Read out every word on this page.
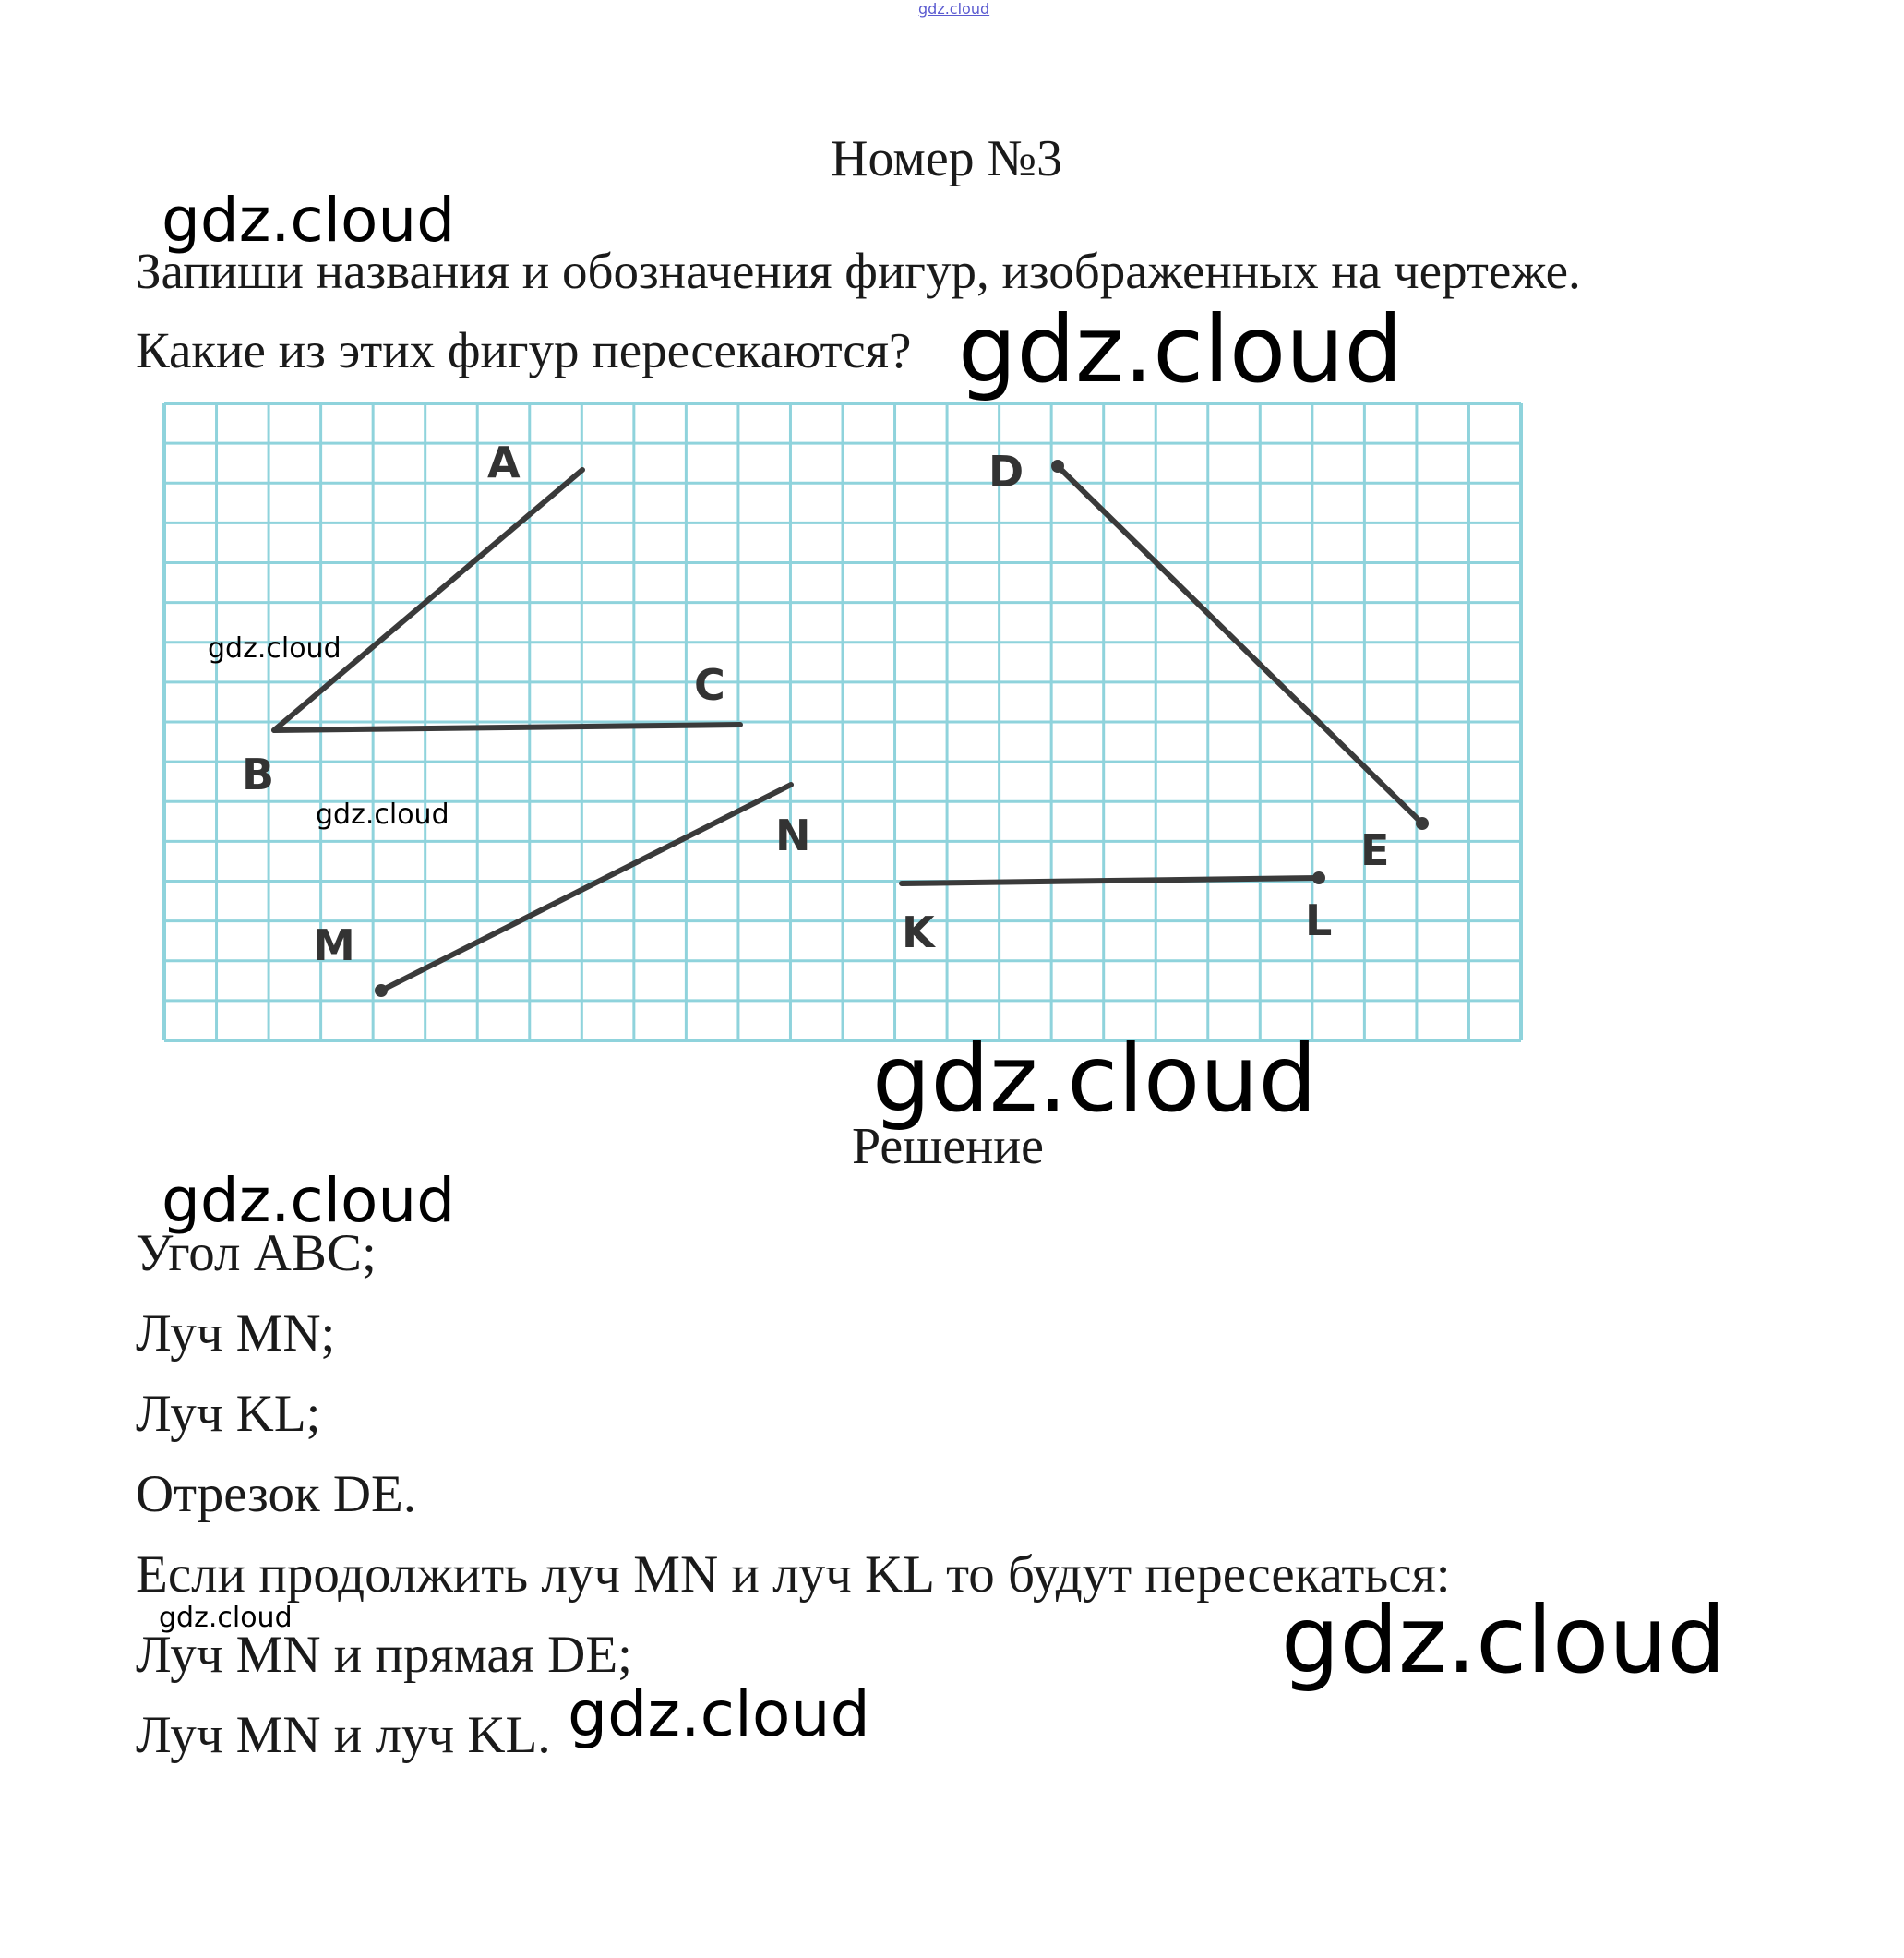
gdz.cloud
Номер №3
gdz.cloud
Запиши названия и обозначения фигур, изображенных на чертеже.
Какие из этих фигур пересекаются? gdz.cloud
A
B
C
D
E
K	L
M
N
gdz.cloud
gdz.cloud
gdz.cloud
Решение
gdz.cloud
Угол АВС;
Луч MN;
Луч KL;
Отрезок DE.
Если продолжить луч MN и луч KL то будут пересекаться:
gdz.cloud
Луч MN и прямая DE;	gdz.cloud
Луч MN и луч KL. gdz.cloud
